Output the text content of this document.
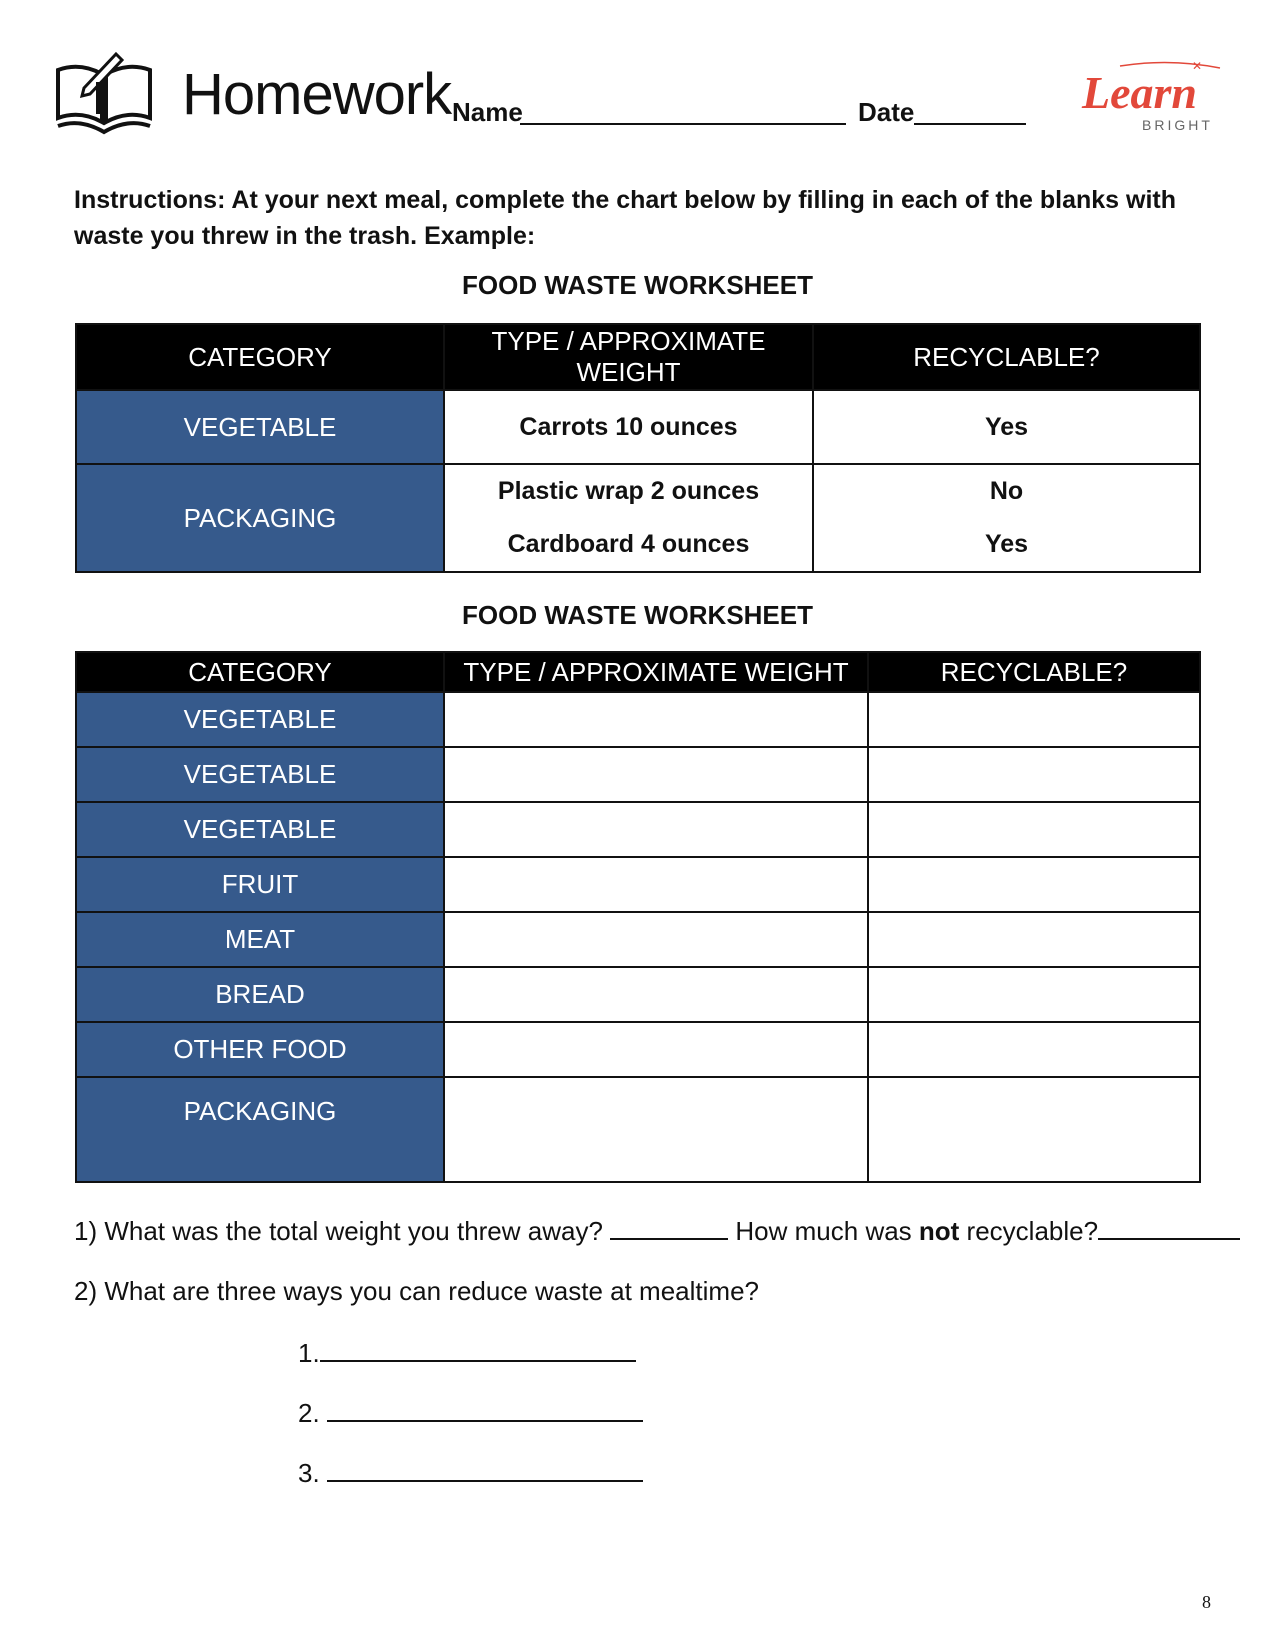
Homework Name	Date
✕
Learn
BRIGHT
Instructions: At your next meal, complete the chart below by filling in each of the blanks with waste you threw in the trash. Example:
FOOD WASTE WORKSHEET
CATEGORY	TYPE / APPROXIMATE WEIGHT	RECYCLABLE?
VEGETABLE	Carrots 10 ounces	Yes
PACKAGING	Plastic wrap 2 ounces	No
	Cardboard 4 ounces	Yes
FOOD WASTE WORKSHEET
CATEGORY	TYPE / APPROXIMATE WEIGHT	RECYCLABLE?
VEGETABLE		
VEGETABLE		
VEGETABLE		
FRUIT		
MEAT		
BREAD		
OTHER FOOD		
PACKAGING		
1) What was the total weight you threw away?	How much was not recyclable?
2) What are three ways you can reduce waste at mealtime?
1.
2.
3.
8
